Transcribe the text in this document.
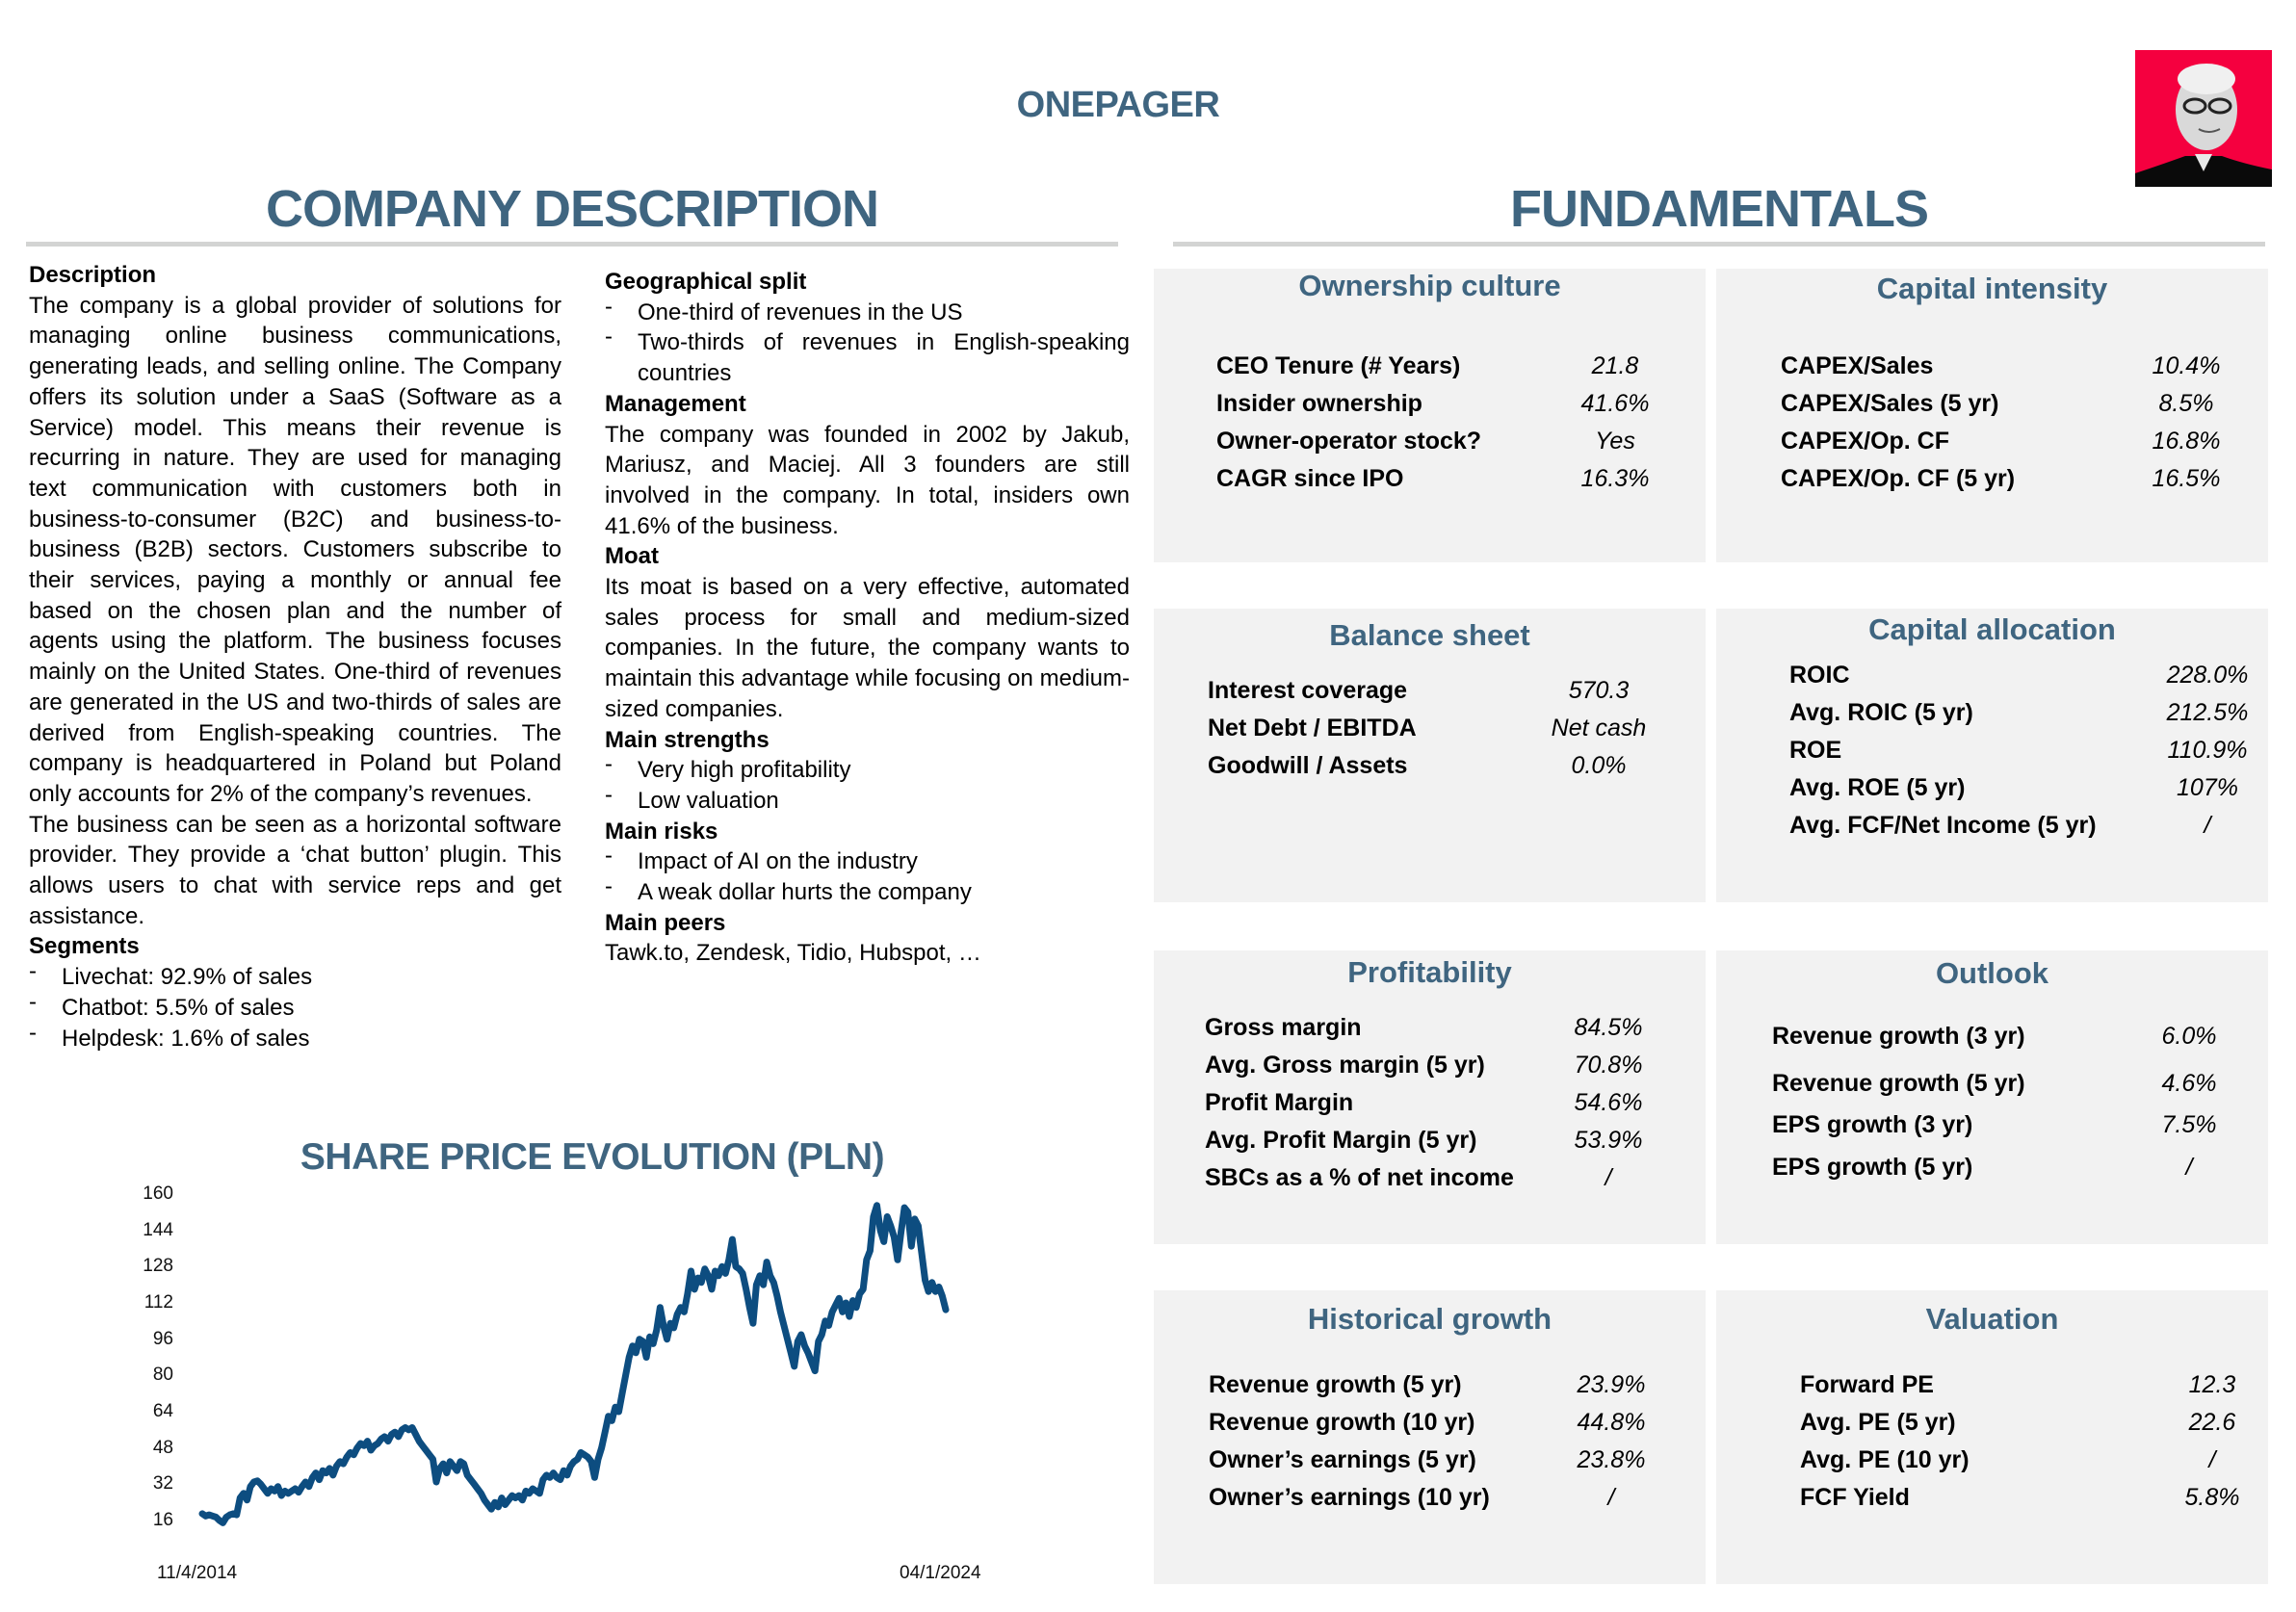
ONEPAGER
COMPANY DESCRIPTION	FUNDAMENTALS

Description

The company is a global provider of solutions for managing online business communications, generating leads, and selling online. The Company offers its solution under a SaaS (Software as a Service) model. This means their revenue is recurring in nature. They are used for managing text communication with customers both in business-to-consumer (B2C) and business-to-business (B2B) sectors. Customers subscribe to their services, paying a monthly or annual fee based on the chosen plan and the number of agents using the platform. The business focuses mainly on the United States. One-third of revenues are generated in the US and two-thirds of sales are derived from English-speaking countries. The company is headquartered in Poland but Poland only accounts for 2% of the company’s revenues.

The business can be seen as a horizontal software provider. They provide a ‘chat button’ plugin. This allows users to chat with service reps and get assistance.

Segments

- Livechat: 92.9% of sales
- Chatbot: 5.5% of sales
- Helpdesk: 1.6% of sales

Geographical split

- One-third of revenues in the US
- Two-thirds of revenues in English-speaking countries

Management

The company was founded in 2002 by Jakub, Mariusz, and Maciej. All 3 founders are still involved in the company. In total, insiders own 41.6% of the business.

Moat

Its moat is based on a very effective, automated sales process for small and medium-sized companies. In the future, the company wants to maintain this advantage while focusing on medium-sized companies.

Main strengths

- Very high profitability
- Low valuation

Main risks

- Impact of AI on the industry
- A weak dollar hurts the company

Main peers

Tawk.to, Zendesk, Tidio, Hubspot, …

SHARE PRICE EVOLUTION (PLN)
160
144
128
112
96
80
64
48
32
16
11/4/2014	04/1/2024
Ownership culture
CEO Tenure (# Years)	21.8
Insider ownership	41.6%
Owner-operator stock?	Yes
CAGR since IPO	16.3%
Capital intensity
CAPEX/Sales	10.4%
CAPEX/Sales (5 yr)	8.5%
CAPEX/Op. CF	16.8%
CAPEX/Op. CF (5 yr)	16.5%
Balance sheet
Interest coverage	570.3
Net Debt / EBITDA	Net cash
Goodwill / Assets	0.0%
Capital allocation
ROIC	228.0%
Avg. ROIC (5 yr)	212.5%
ROE	110.9%
Avg. ROE (5 yr)	107%
Avg. FCF/Net Income (5 yr)	/
Profitability
Gross margin	84.5%
Avg. Gross margin (5 yr)	70.8%
Profit Margin	54.6%
Avg. Profit Margin (5 yr)	53.9%
SBCs as a % of net income	/
Outlook
Revenue growth (3 yr)	6.0%
Revenue growth (5 yr)	4.6%
EPS growth (3 yr)	7.5%
EPS growth (5 yr)	/
Historical growth
Revenue growth (5 yr)	23.9%
Revenue growth (10 yr)	44.8%
Owner’s earnings (5 yr)	23.8%
Owner’s earnings (10 yr)	/
Valuation
Forward PE	12.3
Avg. PE (5 yr)	22.6
Avg. PE (10 yr)	/
FCF Yield	5.8%
